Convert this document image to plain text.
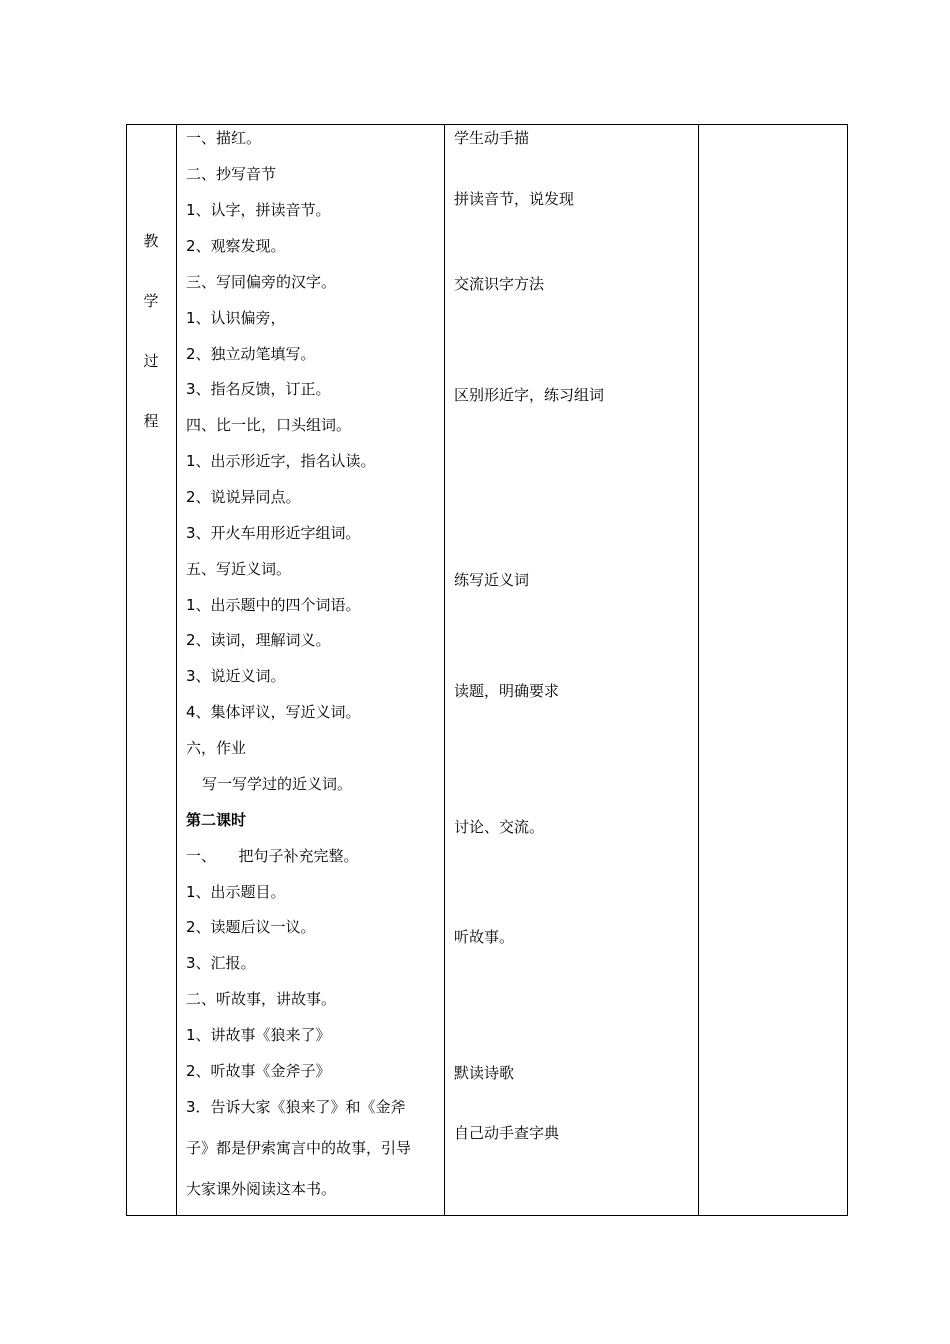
教
学
过
程
一、描红。
二、抄写音节
1、认字，拼读音节。
2、观察发现。
三、写同偏旁的汉字。
1、认识偏旁，
2、独立动笔填写。
3、指名反馈，订正。
四、比一比，口头组词。
1、出示形近字，指名认读。
2、说说异同点。
3、开火车用形近字组词。
五、写近义词。
1、出示题中的四个词语。
2、读词，理解词义。
3、说近义词。
4、集体评议，写近义词。
六，作业
写一写学过的近义词。
第二课时
一、　　把句子补充完整。
1、出示题目。
2、读题后议一议。
3、汇报。
二、听故事，讲故事。
1、讲故事《狼来了》
2、听故事《金斧子》
3．告诉大家《狼来了》和《金斧
子》都是伊索寓言中的故事，引导
大家课外阅读这本书。
学生动手描
拼读音节，说发现
交流识字方法
区别形近字，练习组词
练写近义词
读题，明确要求
讨论、交流。
听故事。
默读诗歌
自己动手查字典
